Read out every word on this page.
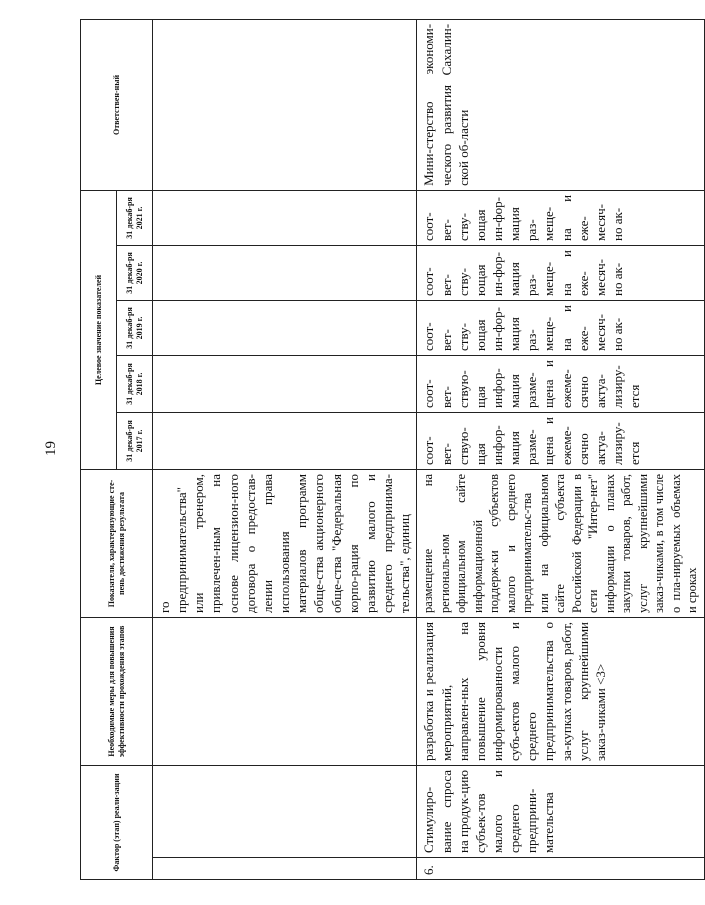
19
Фактор (этап) реали-зации		Необходимые меры для повышения эффективности прохождения этапов	Показатели, характеризующие сте-пень достижения результата	Целевое значение показателей					Ответствен-ный
				31 декаб-ря 2017 г.	31 декаб-ря 2018 г.	31 декаб-ря 2019 г.	31 декаб-ря 2020 г.	31 декаб-ря 2021 г.	
			го предпринимательства" или тренером, привлечен-ным на основе лицензион-ного договора о предостав-лении права использования материалов программ обще-ства акционерного обще-ства "Федеральная корпо-рация по развитию малого и среднего предпринима-тельства", единиц						
6.	Стимулиро-вание спроса на продук-цию субъек-тов малого и среднего предприни-мательства	разработка и реализация мероприятий, направлен-ных на повышение уровня информированности субъ-ектов малого и среднего предпринимательства о за-купках товаров, работ, услуг крупнейшими заказ-чиками <3>	размещение на региональ-ном официальном сайте информационной поддерж-ки субъектов малого и среднего предпринимательс-тва или на официальном сайте субъекта Российской Федерации в сети "Интер-нет" информации о планах закупки товаров, работ, услуг крупнейшими заказ-чиками, в том числе о пла-нируемых объемах и сроках	соот-вет-ствую-щая инфор-мация разме-щена и ежеме-сячно актуа-лизиру-ется	соот-вет-ствую-щая инфор-мация разме-щена и ежеме-сячно актуа-лизиру-ется	соот-вет-ству-ющая ин-фор-мация раз-меще-на и еже-месяч-но ак-	соот-вет-ству-ющая ин-фор-мация раз-меще-на и еже-месяч-но ак-	соот-вет-ству-ющая ин-фор-мация раз-меще-на и еже-месяч-но ак-	Мини-стерство экономи-ческого развития Сахалин-ской об-ласти
